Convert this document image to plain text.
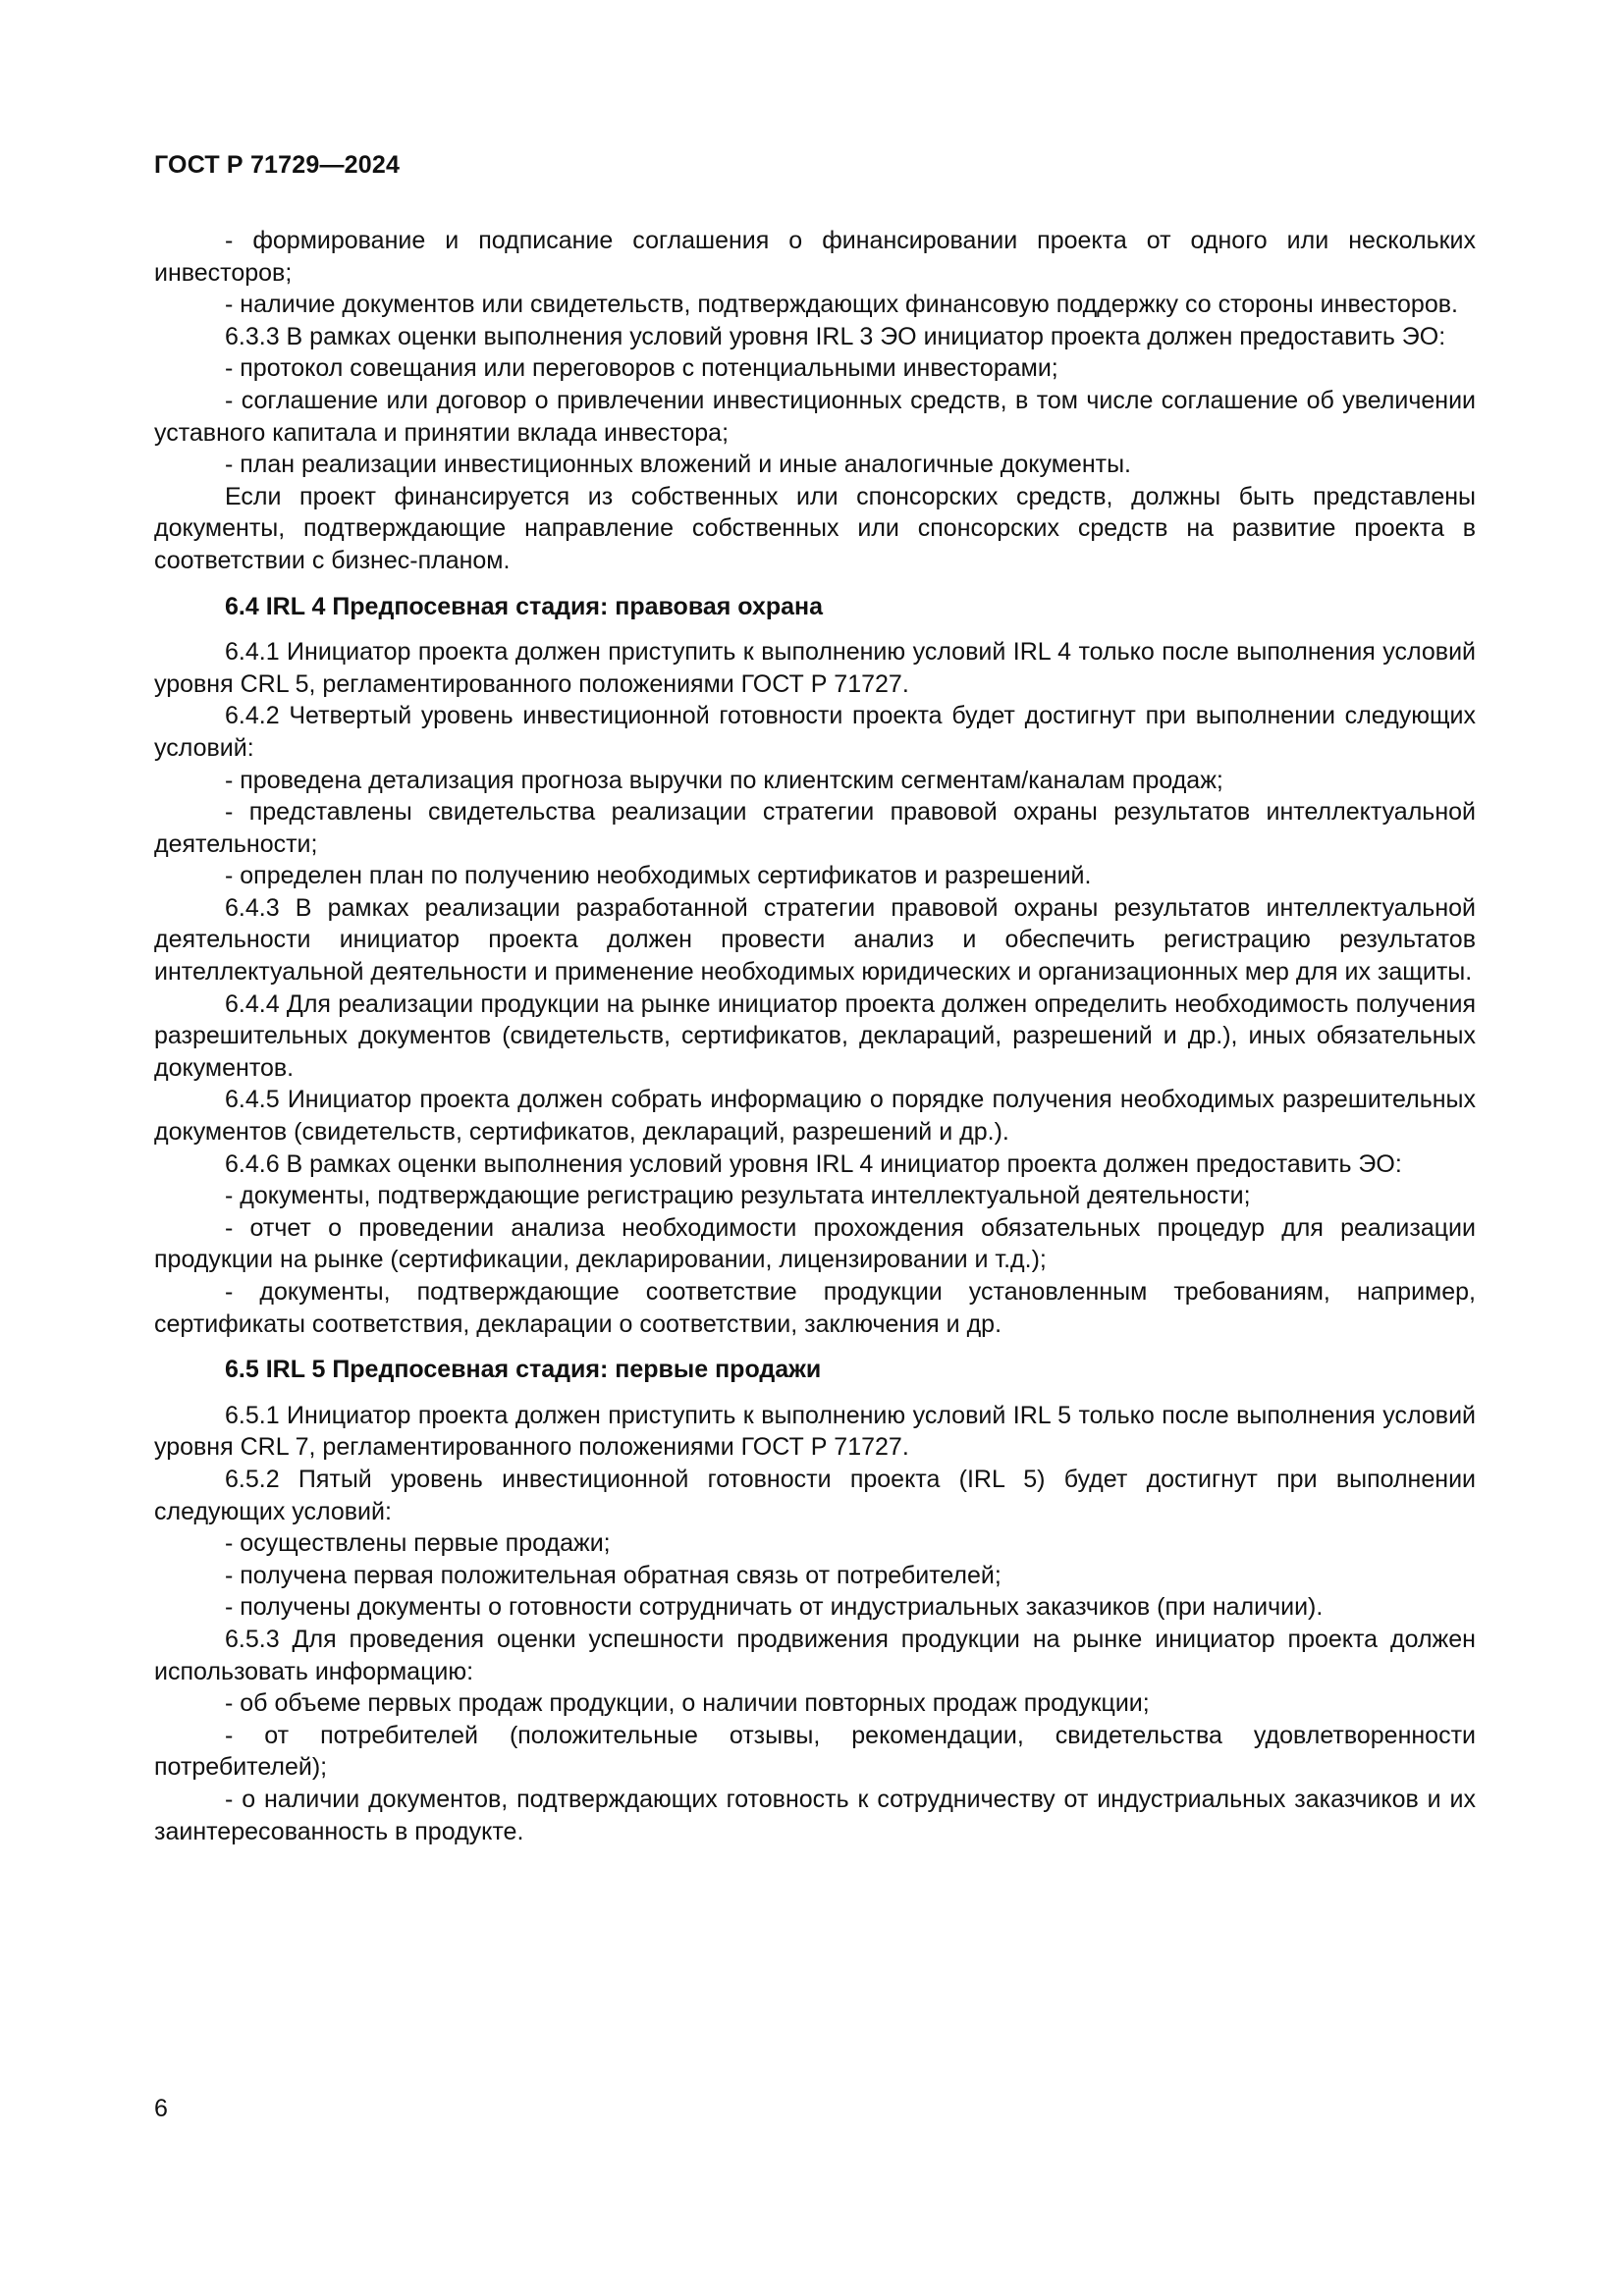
ГОСТ Р 71729—2024

- формирование и подписание соглашения о финансировании проекта от одного или нескольких инвесторов;

- наличие документов или свидетельств, подтверждающих финансовую поддержку со стороны инвесторов.

6.3.3 В рамках оценки выполнения условий уровня IRL 3 ЭО инициатор проекта должен предоставить ЭО:

- протокол совещания или переговоров с потенциальными инвесторами;

- соглашение или договор о привлечении инвестиционных средств, в том числе соглашение об увеличении уставного капитала и принятии вклада инвестора;

- план реализации инвестиционных вложений и иные аналогичные документы.

Если проект финансируется из собственных или спонсорских средств, должны быть представлены документы, подтверждающие направление собственных или спонсорских средств на развитие проекта в соответствии с бизнес-планом.

6.4 IRL 4 Предпосевная стадия: правовая охрана

6.4.1 Инициатор проекта должен приступить к выполнению условий IRL 4 только после выполнения условий уровня CRL 5, регламентированного положениями ГОСТ Р 71727.

6.4.2 Четвертый уровень инвестиционной готовности проекта будет достигнут при выполнении следующих условий:

- проведена детализация прогноза выручки по клиентским сегментам/каналам продаж;

- представлены свидетельства реализации стратегии правовой охраны результатов интеллектуальной деятельности;

- определен план по получению необходимых сертификатов и разрешений.

6.4.3 В рамках реализации разработанной стратегии правовой охраны результатов интеллектуальной деятельности инициатор проекта должен провести анализ и обеспечить регистрацию результатов интеллектуальной деятельности и применение необходимых юридических и организационных мер для их защиты.

6.4.4 Для реализации продукции на рынке инициатор проекта должен определить необходимость получения разрешительных документов (свидетельств, сертификатов, деклараций, разрешений и др.), иных обязательных документов.

6.4.5 Инициатор проекта должен собрать информацию о порядке получения необходимых разрешительных документов (свидетельств, сертификатов, деклараций, разрешений и др.).

6.4.6 В рамках оценки выполнения условий уровня IRL 4 инициатор проекта должен предоставить ЭО:

- документы, подтверждающие регистрацию результата интеллектуальной деятельности;

- отчет о проведении анализа необходимости прохождения обязательных процедур для реализации продукции на рынке (сертификации, декларировании, лицензировании и т.д.);

- документы, подтверждающие соответствие продукции установленным требованиям, например, сертификаты соответствия, декларации о соответствии, заключения и др.

6.5 IRL 5 Предпосевная стадия: первые продажи

6.5.1 Инициатор проекта должен приступить к выполнению условий IRL 5 только после выполнения условий уровня CRL 7, регламентированного положениями ГОСТ Р 71727.

6.5.2 Пятый уровень инвестиционной готовности проекта (IRL 5) будет достигнут при выполнении следующих условий:

- осуществлены первые продажи;

- получена первая положительная обратная связь от потребителей;

- получены документы о готовности сотрудничать от индустриальных заказчиков (при наличии).

6.5.3 Для проведения оценки успешности продвижения продукции на рынке инициатор проекта должен использовать информацию:

- об объеме первых продаж продукции, о наличии повторных продаж продукции;

- от потребителей (положительные отзывы, рекомендации, свидетельства удовлетворенности потребителей);

- о наличии документов, подтверждающих готовность к сотрудничеству от индустриальных заказчиков и их заинтересованность в продукте.

6
